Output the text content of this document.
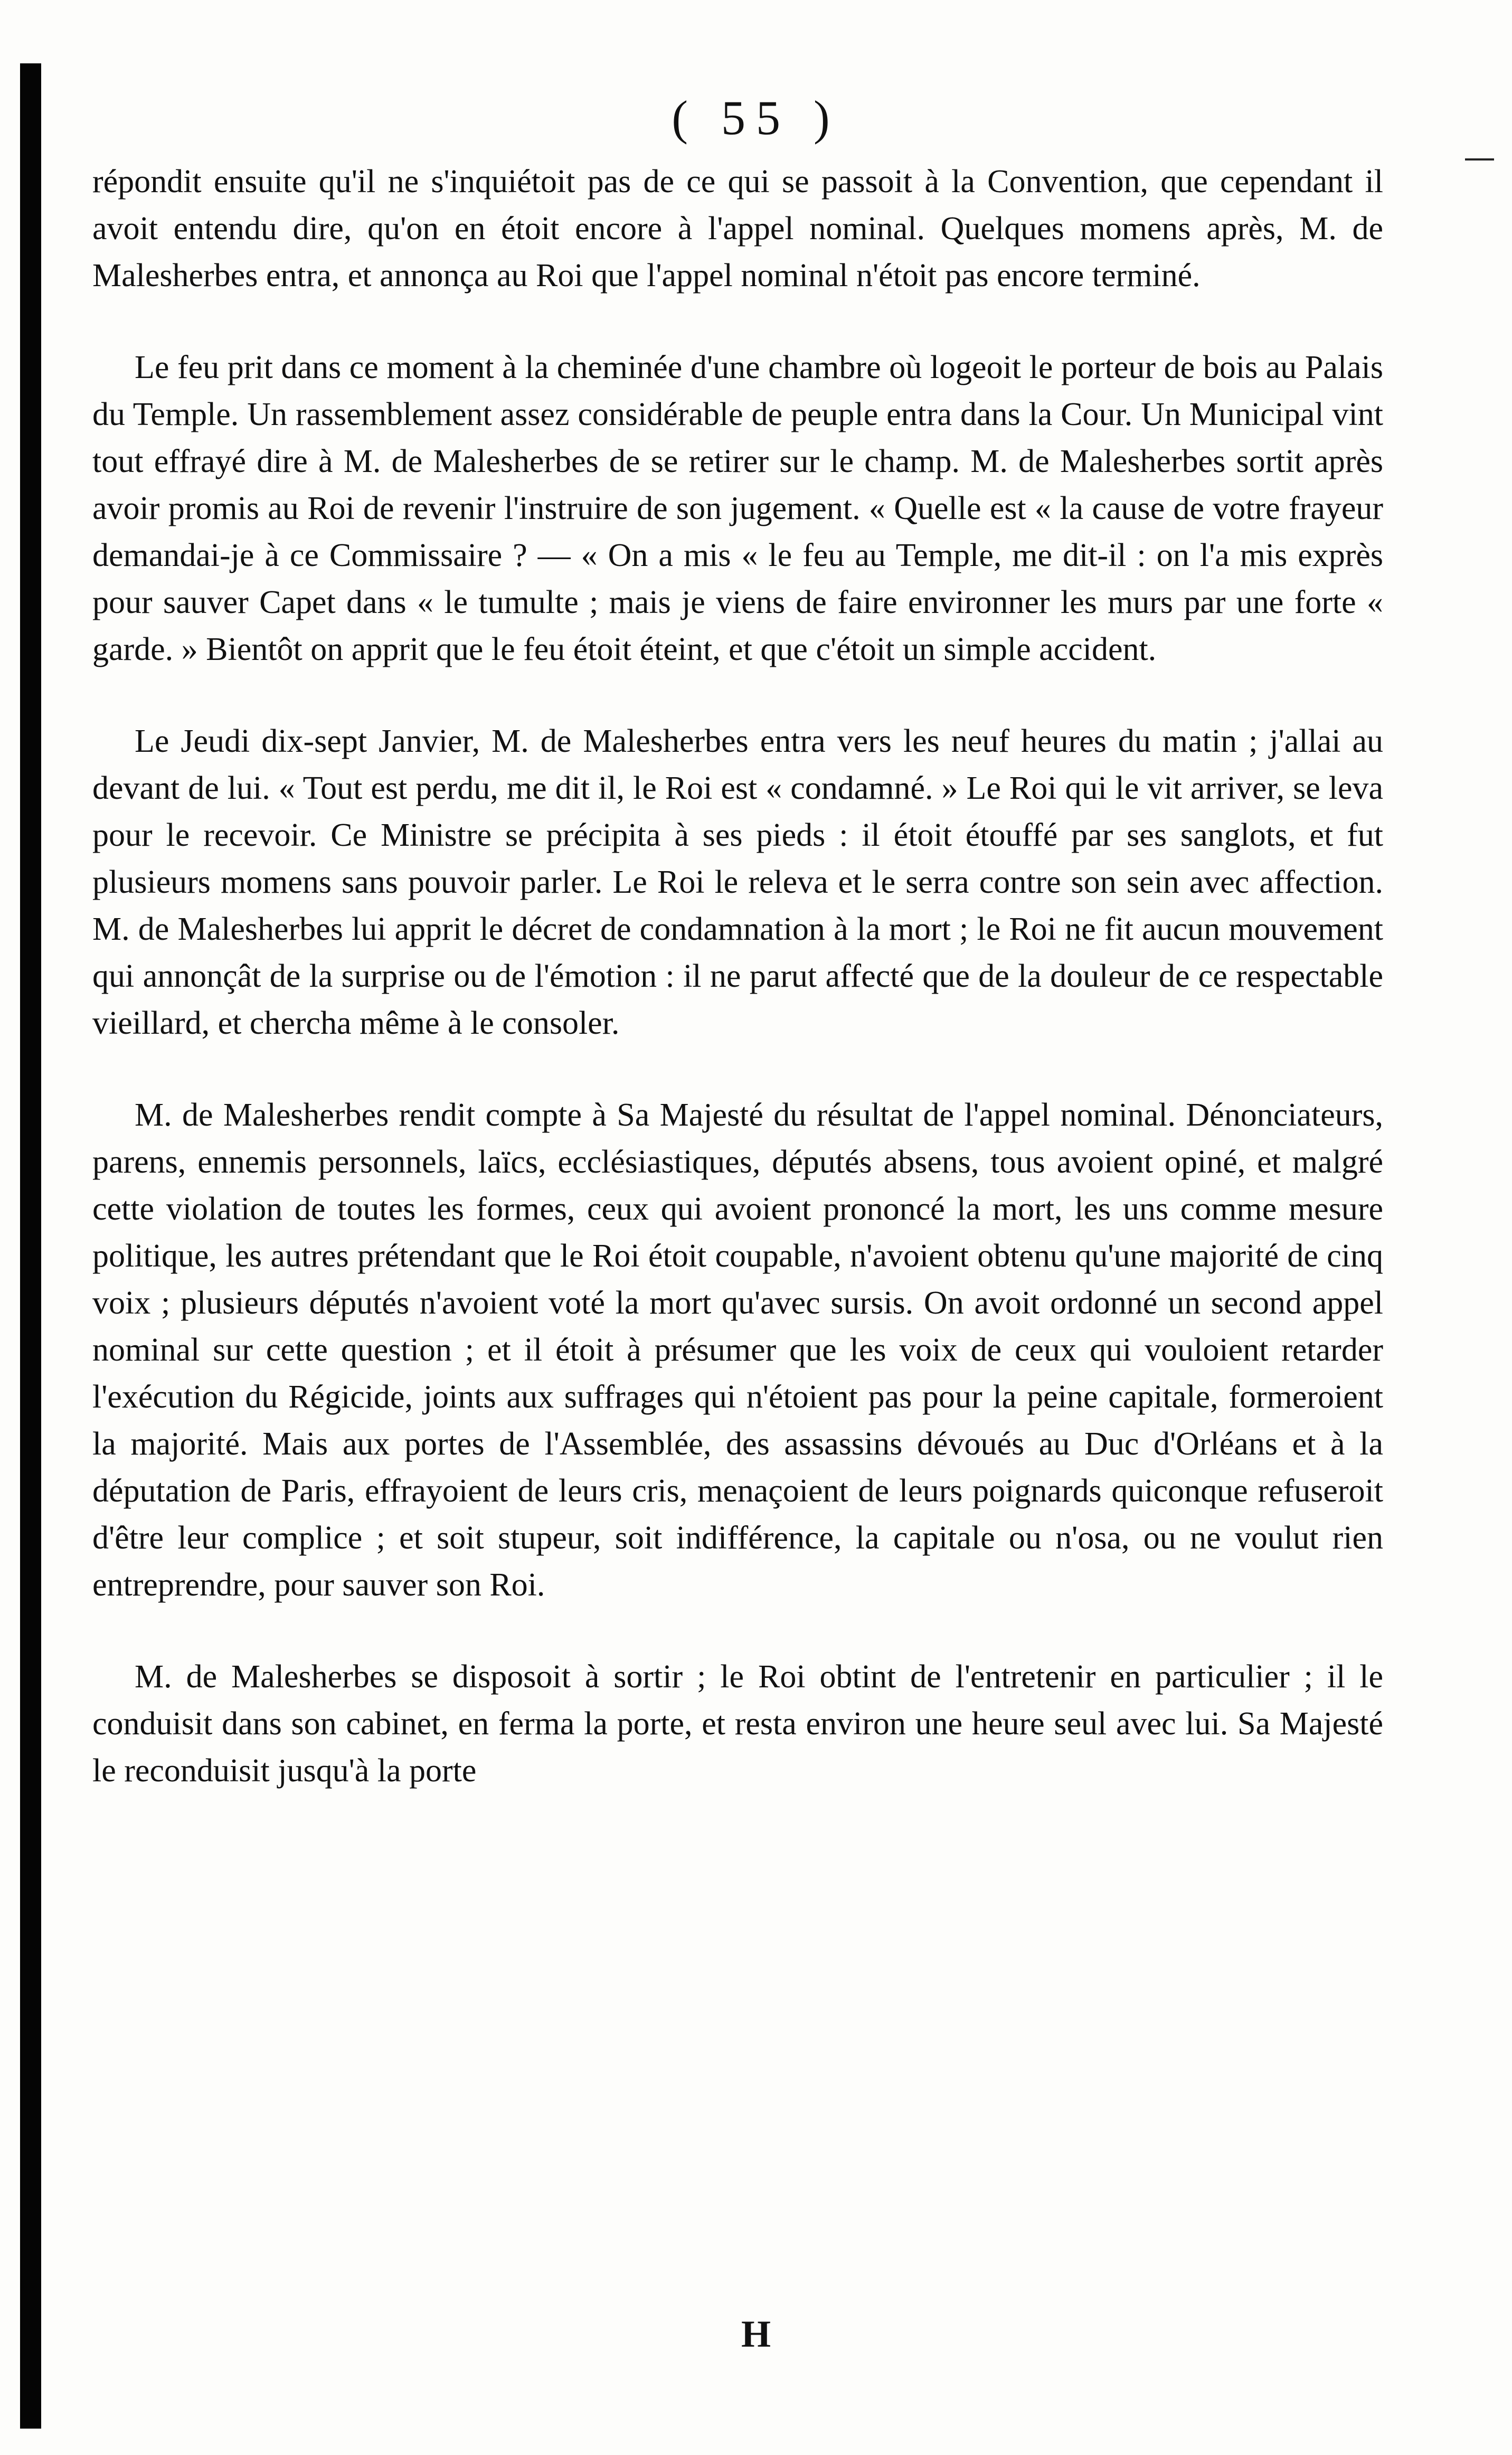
( 55 )

répondit ensuite qu'il ne s'inquiétoit pas de ce qui se passoit à la Convention, que cependant il avoit entendu dire, qu'on en étoit encore à l'appel nominal. Quelques momens après, M. de Malesherbes entra, et annonça au Roi que l'appel nominal n'étoit pas encore terminé.

Le feu prit dans ce moment à la cheminée d'une chambre où logeoit le porteur de bois au Palais du Temple. Un rassemblement assez considérable de peuple entra dans la Cour. Un Municipal vint tout effrayé dire à M. de Malesherbes de se retirer sur le champ. M. de Malesherbes sortit après avoir promis au Roi de revenir l'instruire de son jugement. « Quelle est « la cause de votre frayeur demandai-je à ce Commissaire ? — « On a mis « le feu au Temple, me dit-il : on l'a mis exprès pour sauver Capet dans « le tumulte ; mais je viens de faire environner les murs par une forte « garde. » Bientôt on apprit que le feu étoit éteint, et que c'étoit un simple accident.

Le Jeudi dix-sept Janvier, M. de Malesherbes entra vers les neuf heures du matin ; j'allai au devant de lui. « Tout est perdu, me dit il, le Roi est « condamné. » Le Roi qui le vit arriver, se leva pour le recevoir. Ce Ministre se précipita à ses pieds : il étoit étouffé par ses sanglots, et fut plusieurs momens sans pouvoir parler. Le Roi le releva et le serra contre son sein avec affection. M. de Malesherbes lui apprit le décret de condamnation à la mort ; le Roi ne fit aucun mouvement qui annonçât de la surprise ou de l'émotion : il ne parut affecté que de la douleur de ce respectable vieillard, et chercha même à le consoler.

M. de Malesherbes rendit compte à Sa Majesté du résultat de l'appel nominal. Dénonciateurs, parens, ennemis personnels, laïcs, ecclésiastiques, députés absens, tous avoient opiné, et malgré cette violation de toutes les formes, ceux qui avoient prononcé la mort, les uns comme mesure politique, les autres prétendant que le Roi étoit coupable, n'avoient obtenu qu'une majorité de cinq voix ; plusieurs députés n'avoient voté la mort qu'avec sursis. On avoit ordonné un second appel nominal sur cette question ; et il étoit à présumer que les voix de ceux qui vouloient retarder l'exécution du Régicide, joints aux suffrages qui n'étoient pas pour la peine capitale, formeroient la majorité. Mais aux portes de l'Assemblée, des assassins dévoués au Duc d'Orléans et à la députation de Paris, effrayoient de leurs cris, menaçoient de leurs poignards quiconque refuseroit d'être leur complice ; et soit stupeur, soit indifférence, la capitale ou n'osa, ou ne voulut rien entreprendre, pour sauver son Roi.

M. de Malesherbes se disposoit à sortir ; le Roi obtint de l'entretenir en particulier ; il le conduisit dans son cabinet, en ferma la porte, et resta environ une heure seul avec lui. Sa Majesté le reconduisit jusqu'à la porte

H
